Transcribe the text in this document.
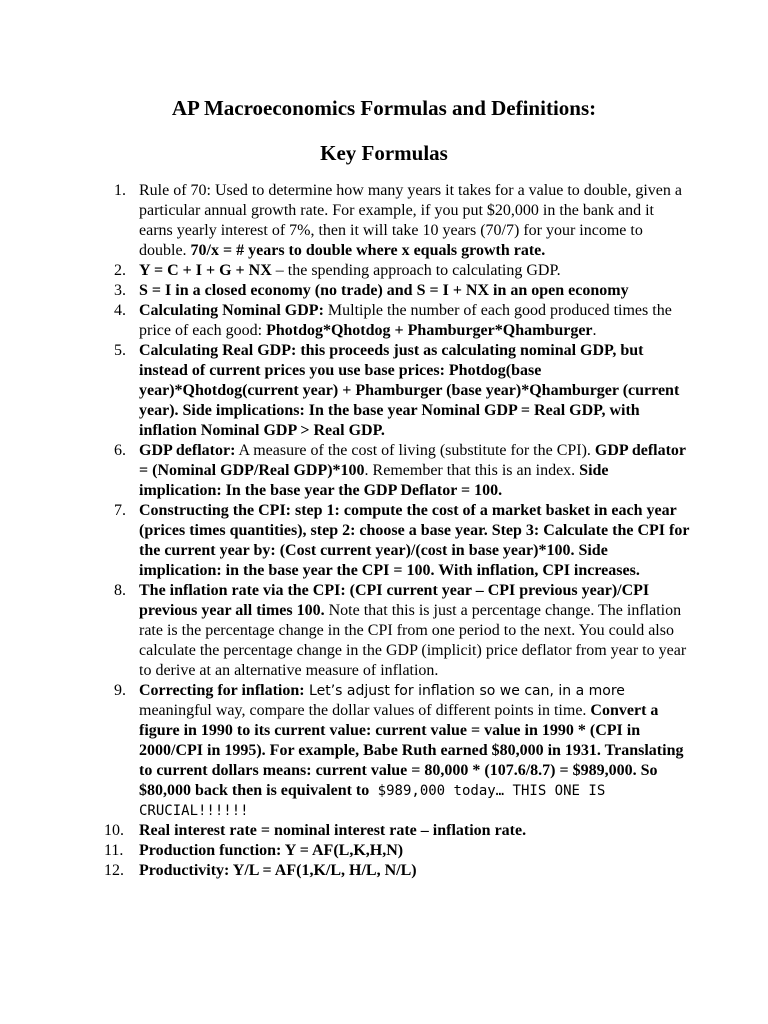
AP Macroeconomics Formulas and Definitions:
Key Formulas
1. Rule of 70: Used to determine how many years it takes for a value to double, given a particular annual growth rate. For example, if you put $20,000 in the bank and it earns yearly interest of 7%, then it will take 10 years (70/7) for your income to double. 70/x = # years to double where x equals growth rate.
2. Y = C + I + G + NX – the spending approach to calculating GDP.
3. S = I in a closed economy (no trade) and S = I + NX in an open economy
4. Calculating Nominal GDP: Multiple the number of each good produced times the price of each good: Photdog*Qhotdog + Phamburger*Qhamburger.
5. Calculating Real GDP: this proceeds just as calculating nominal GDP, but instead of current prices you use base prices: Photdog(base year)*Qhotdog(current year) + Phamburger (base year)*Qhamburger (current year). Side implications: In the base year Nominal GDP = Real GDP, with inflation Nominal GDP > Real GDP.
6. GDP deflator: A measure of the cost of living (substitute for the CPI). GDP deflator = (Nominal GDP/Real GDP)*100. Remember that this is an index. Side implication: In the base year the GDP Deflator = 100.
7. Constructing the CPI: step 1: compute the cost of a market basket in each year (prices times quantities), step 2: choose a base year. Step 3: Calculate the CPI for the current year by: (Cost current year)/(cost in base year)*100. Side implication: in the base year the CPI = 100. With inflation, CPI increases.
8. The inflation rate via the CPI: (CPI current year – CPI previous year)/CPI previous year all times 100. Note that this is just a percentage change. The inflation rate is the percentage change in the CPI from one period to the next. You could also calculate the percentage change in the GDP (implicit) price deflator from year to year to derive at an alternative measure of inflation.
9. Correcting for inflation: Let’s adjust for inflation so we can, in a more meaningful way, compare the dollar values of different points in time. Convert a figure in 1990 to its current value: current value = value in 1990 * (CPI in 2000/CPI in 1995). For example, Babe Ruth earned $80,000 in 1931. Translating to current dollars means: current value = 80,000 * (107.6/8.7) = $989,000. So $80,000 back then is equivalent to $989,000 today… THIS ONE IS CRUCIAL!!!!!!
10. Real interest rate = nominal interest rate – inflation rate.
11. Production function: Y = AF(L,K,H,N)
12. Productivity: Y/L = AF(1,K/L, H/L, N/L)
